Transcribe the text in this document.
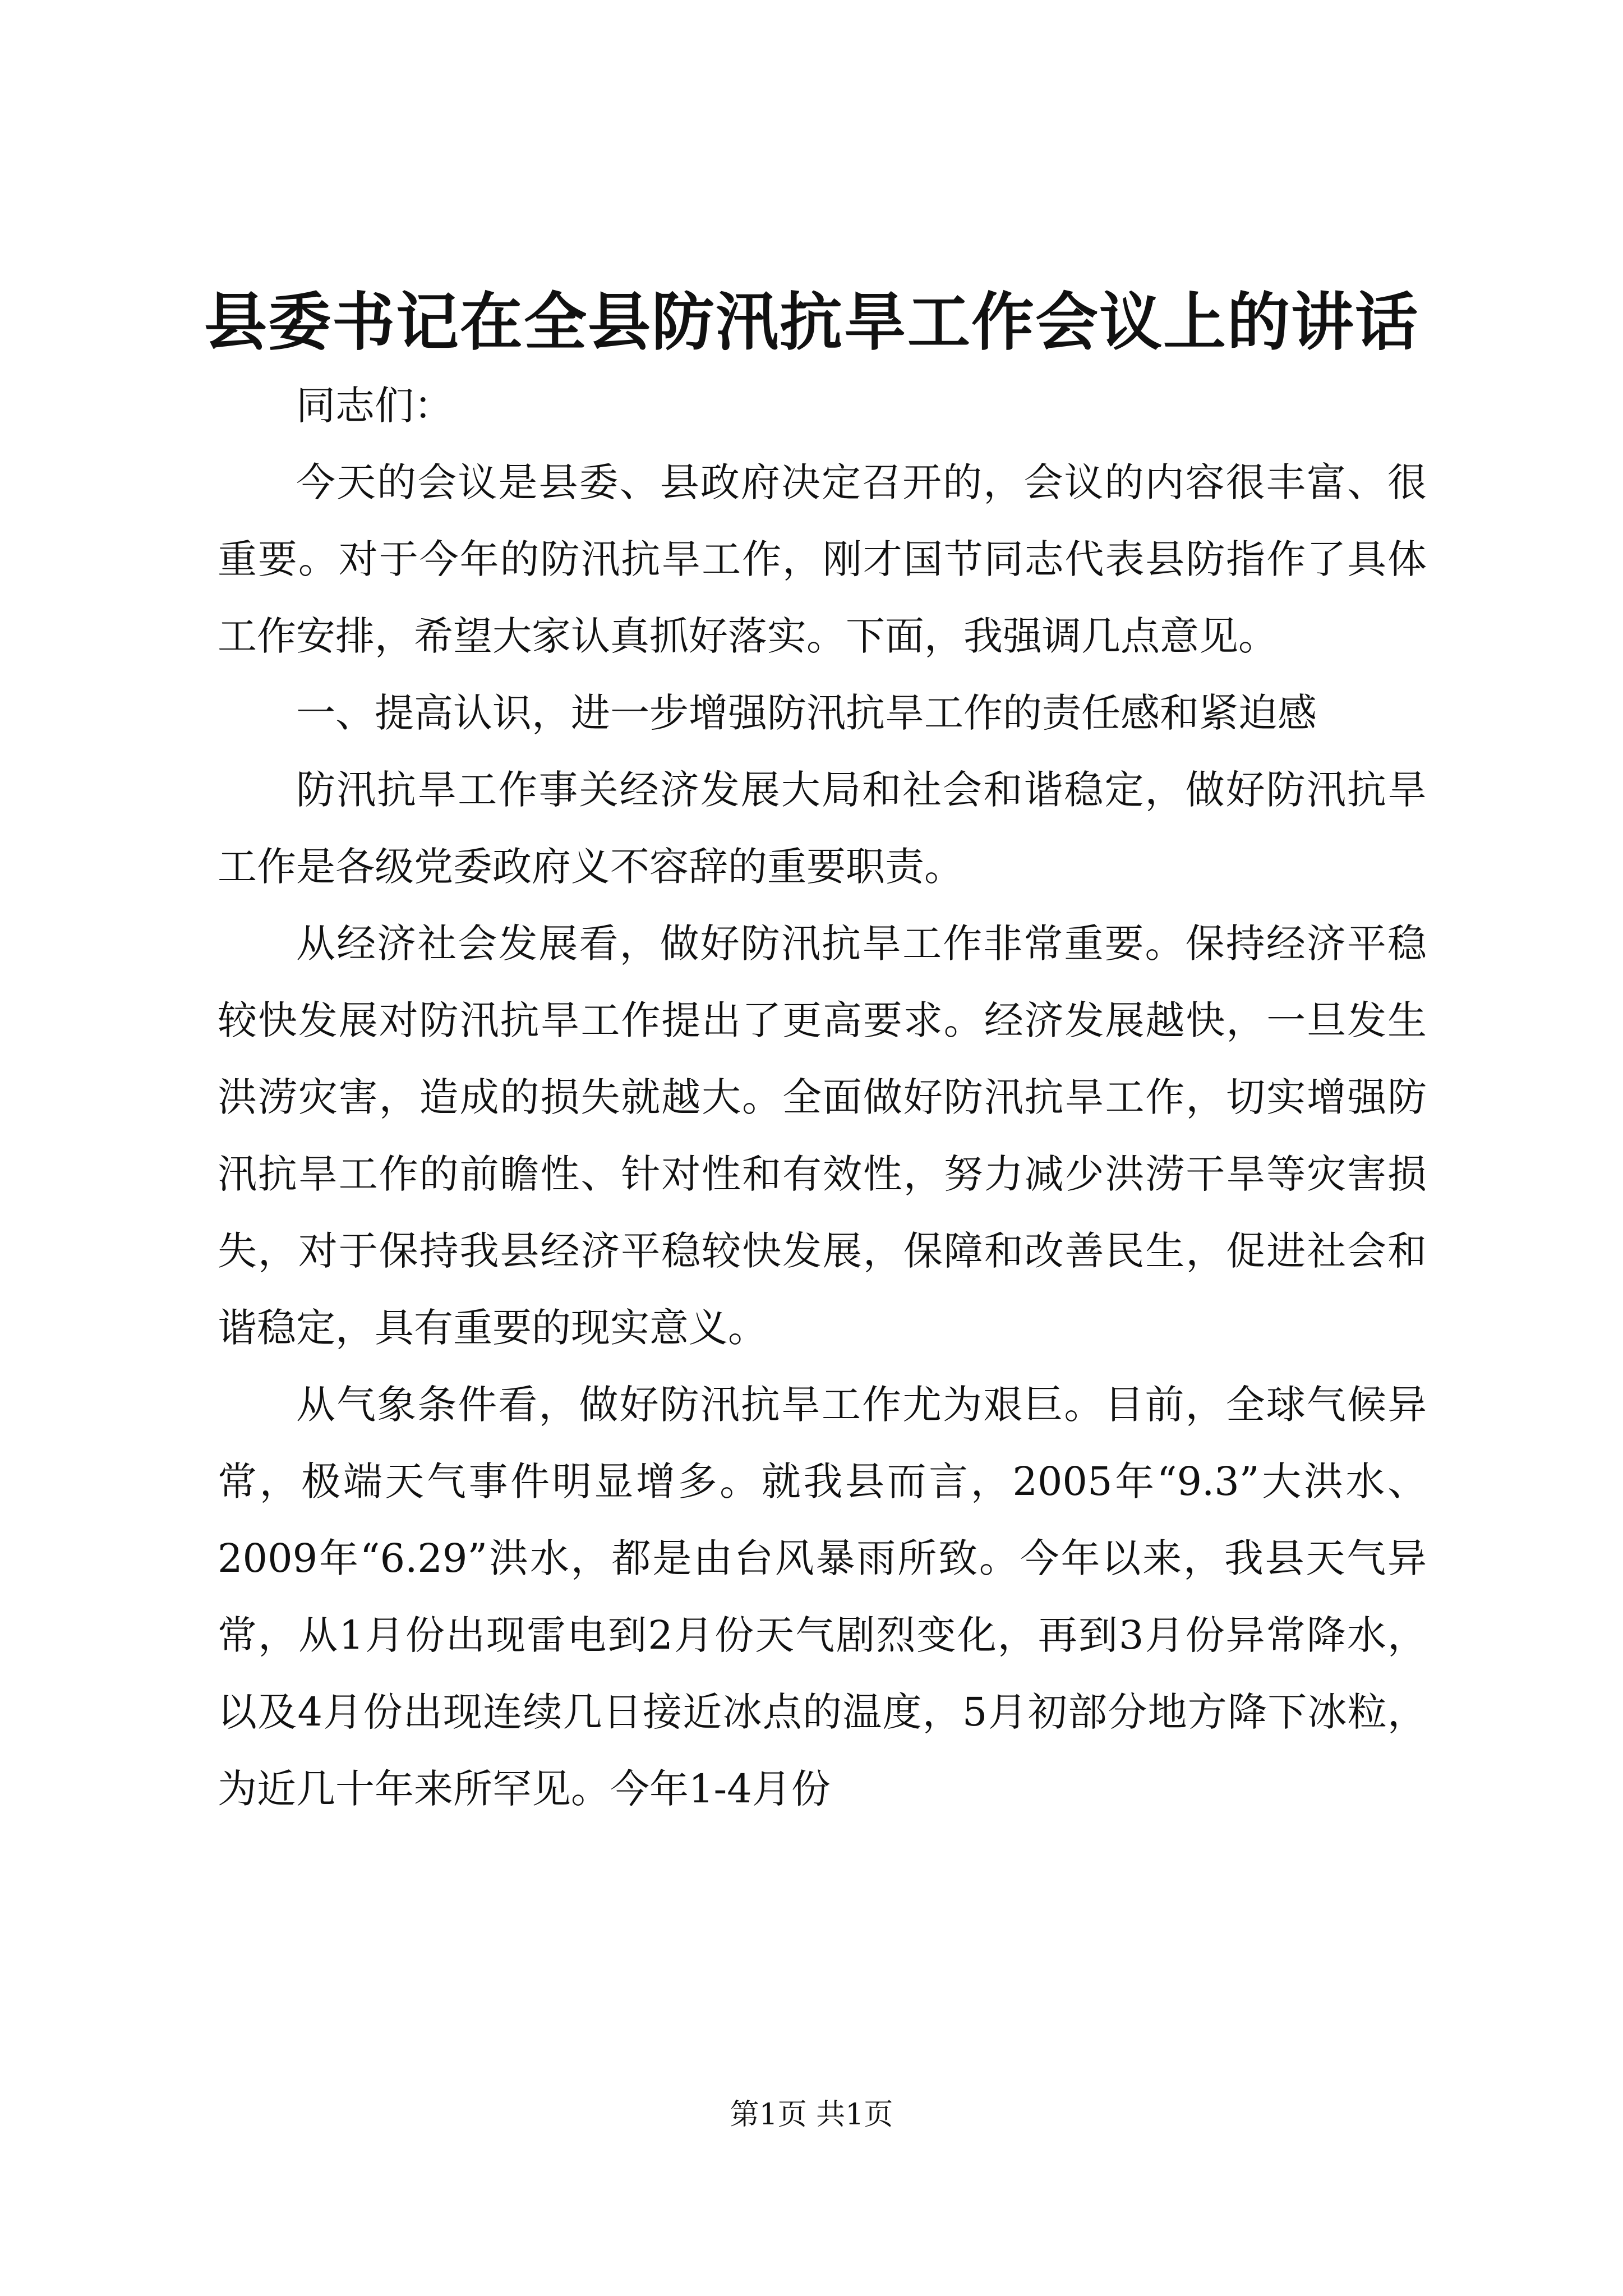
县委书记在全县防汛抗旱工作会议上的讲话

同志们：

今天的会议是县委、县政府决定召开的，会议的内容很丰富、很重要。对于今年的防汛抗旱工作，刚才国节同志代表县防指作了具体工作安排，希望大家认真抓好落实。下面，我强调几点意见。

一、提高认识，进一步增强防汛抗旱工作的责任感和紧迫感

防汛抗旱工作事关经济发展大局和社会和谐稳定，做好防汛抗旱工作是各级党委政府义不容辞的重要职责。

从经济社会发展看，做好防汛抗旱工作非常重要。保持经济平稳较快发展对防汛抗旱工作提出了更高要求。经济发展越快，一旦发生洪涝灾害，造成的损失就越大。全面做好防汛抗旱工作，切实增强防汛抗旱工作的前瞻性、针对性和有效性，努力减少洪涝干旱等灾害损失，对于保持我县经济平稳较快发展，保障和改善民生，促进社会和谐稳定，具有重要的现实意义。

从气象条件看，做好防汛抗旱工作尤为艰巨。目前，全球气候异常，极端天气事件明显增多。就我县而言，2005年“9.3”大洪水、2009年“6.29”洪水，都是由台风暴雨所致。今年以来，我县天气异常，从1月份出现雷电到2月份天气剧烈变化，再到3月份异常降水，以及4月份出现连续几日接近冰点的温度，5月初部分地方降下冰粒，为近几十年来所罕见。今年1-4月份

第1页 共1页
